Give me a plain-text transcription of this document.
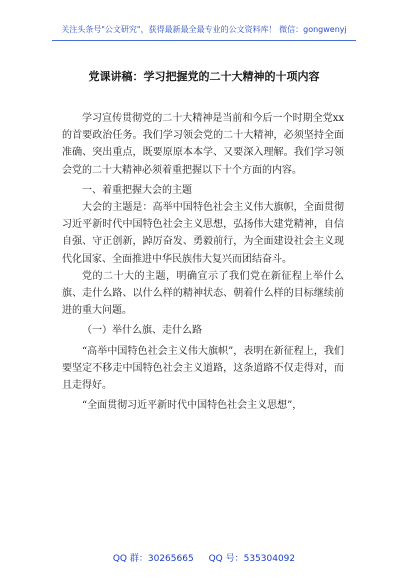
关注头条号"公文研究"，获得最新最全最专业的公文资料库！ 微信：gongwenyj
党课讲稿：学习把握党的二十大精神的十项内容

学习宣传贯彻党的二十大精神是当前和今后一个时期全党xx的首要政治任务。我们学习领会党的二十大精神，必须坚持全面准确、突出重点，既要原原本本学、又要深入理解。我们学习领会党的二十大精神必须着重把握以下十个方面的内容。

一、着重把握大会的主题

大会的主题是：高举中国特色社会主义伟大旗帜，全面贯彻习近平新时代中国特色社会主义思想，弘扬伟大建党精神，自信自强、守正创新，踔厉奋发、勇毅前行，为全面建设社会主义现代化国家、全面推进中华民族伟大复兴而团结奋斗。

党的二十大的主题，明确宣示了我们党在新征程上举什么旗、走什么路、以什么样的精神状态、朝着什么样的目标继续前进的重大问题。

（一）举什么旗、走什么路

“高举中国特色社会主义伟大旗帜”，表明在新征程上，我们要坚定不移走中国特色社会主义道路，这条道路不仅走得对，而且走得好。

“全面贯彻习近平新时代中国特色社会主义思想”，

QQ 群：30265665 QQ 号：535304092
